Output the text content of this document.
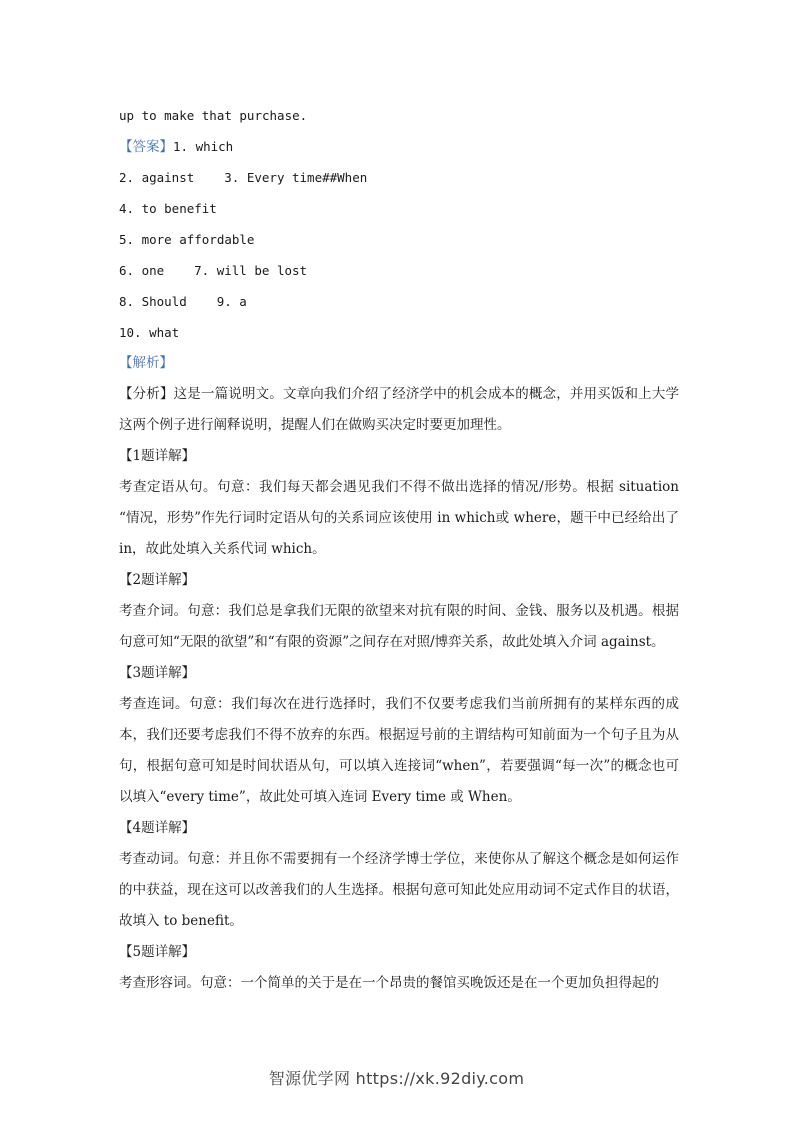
up to make that purchase.
【答案】1. which
2. against 3. Every time##When
4. to benefit
5. more affordable
6. one 7. will be lost
8. Should 9. a
10. what
【解析】

【分析】这是一篇说明文。文章向我们介绍了经济学中的机会成本的概念，并用买饭和上大学这两个例子进行阐释说明，提醒人们在做购买决定时要更加理性。

【1题详解】

考查定语从句。句意：我们每天都会遇见我们不得不做出选择的情况/形势。根据 situation “情况，形势”作先行词时定语从句的关系词应该使用 in which或 where，题干中已经给出了 in，故此处填入关系代词 which。

【2题详解】

考查介词。句意：我们总是拿我们无限的欲望来对抗有限的时间、金钱、服务以及机遇。根据句意可知“无限的欲望”和“有限的资源”之间存在对照/博弈关系，故此处填入介词 against。

【3题详解】

考查连词。句意：我们每次在进行选择时，我们不仅要考虑我们当前所拥有的某样东西的成本，我们还要考虑我们不得不放弃的东西。根据逗号前的主谓结构可知前面为一个句子且为从句，根据句意可知是时间状语从句，可以填入连接词“when”，若要强调“每一次”的概念也可以填入“every time”，故此处可填入连词 Every time 或 When。

【4题详解】

考查动词。句意：并且你不需要拥有一个经济学博士学位，来使你从了解这个概念是如何运作的中获益，现在这可以改善我们的人生选择。根据句意可知此处应用动词不定式作目的状语，故填入 to benefit。

【5题详解】

考查形容词。句意：一个简单的关于是在一个昂贵的餐馆买晚饭还是在一个更加负担得起的

智源优学网 https://xk.92diy.com
